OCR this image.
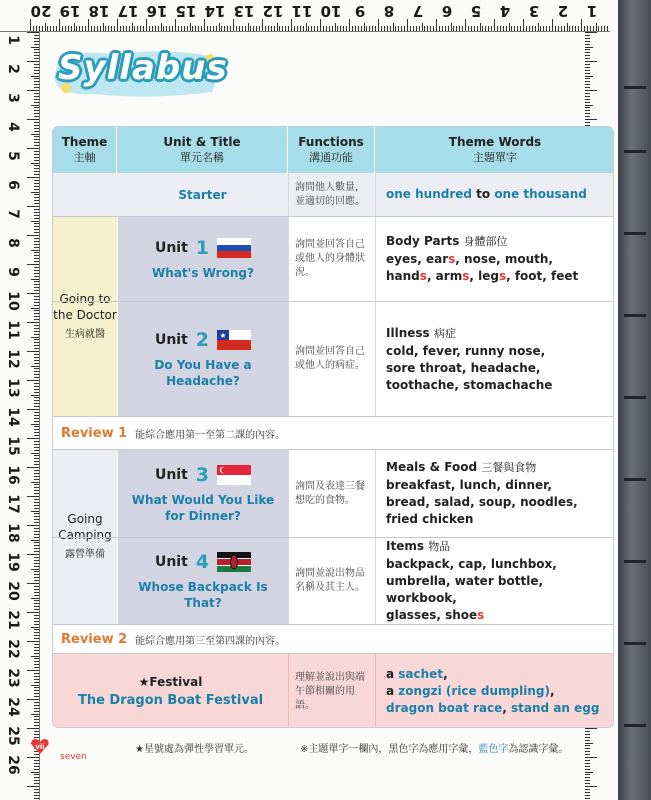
1
2
3
4
5
6
7
8
9
10
11
12
13
14
15
16
17
18
19
20
1
2
3
4
5
6
7
8
9
10
11
12
13
14
15
16
17
18
19
20
21
22
23
24
25
26
Syllabus
Theme
主軸
Unit & Title
單元名稱
Functions
溝通功能
Theme Words
主題單字
Starter
詢問他人數量，並適切的回應。	one hundred to one thousand
Going to the Doctor
生病就醫
Unit 1
What's Wrong?
詢問並回答自己或他人的身體狀況。
Body Parts 身體部位
eyes, ears, nose, mouth,
hands, arms, legs, foot, feet
Unit 2
Do You Have a Headache?
詢問並回答自己或他人的病症。
Illness 病症
cold, fever, runny nose,
sore throat, headache,
toothache, stomachache
Review 1 能綜合應用第一至第二課的內容。
Going Camping
露營準備
Unit 3
What Would You Like for Dinner?
詢問及表達三餐想吃的食物。
Meals & Food 三餐與食物
breakfast, lunch, dinner,
bread, salad, soup, noodles,
fried chicken
Unit 4
Whose Backpack Is That?
詢問並說出物品名稱及其主人。
Items 物品
backpack, cap, lunchbox,
umbrella, water bottle, workbook,
glasses, shoes
Review 2 能綜合應用第三至第四課的內容。
★Festival
The Dragon Boat Festival
理解並說出與端午節相關的用語。
a sachet,
a zongzi (rice dumpling),
dragon boat race, stand an egg
vii
seven
★星號處為彈性學習單元。	※主題單字一欄內，黑色字為應用字彙，藍色字為認識字彙。
